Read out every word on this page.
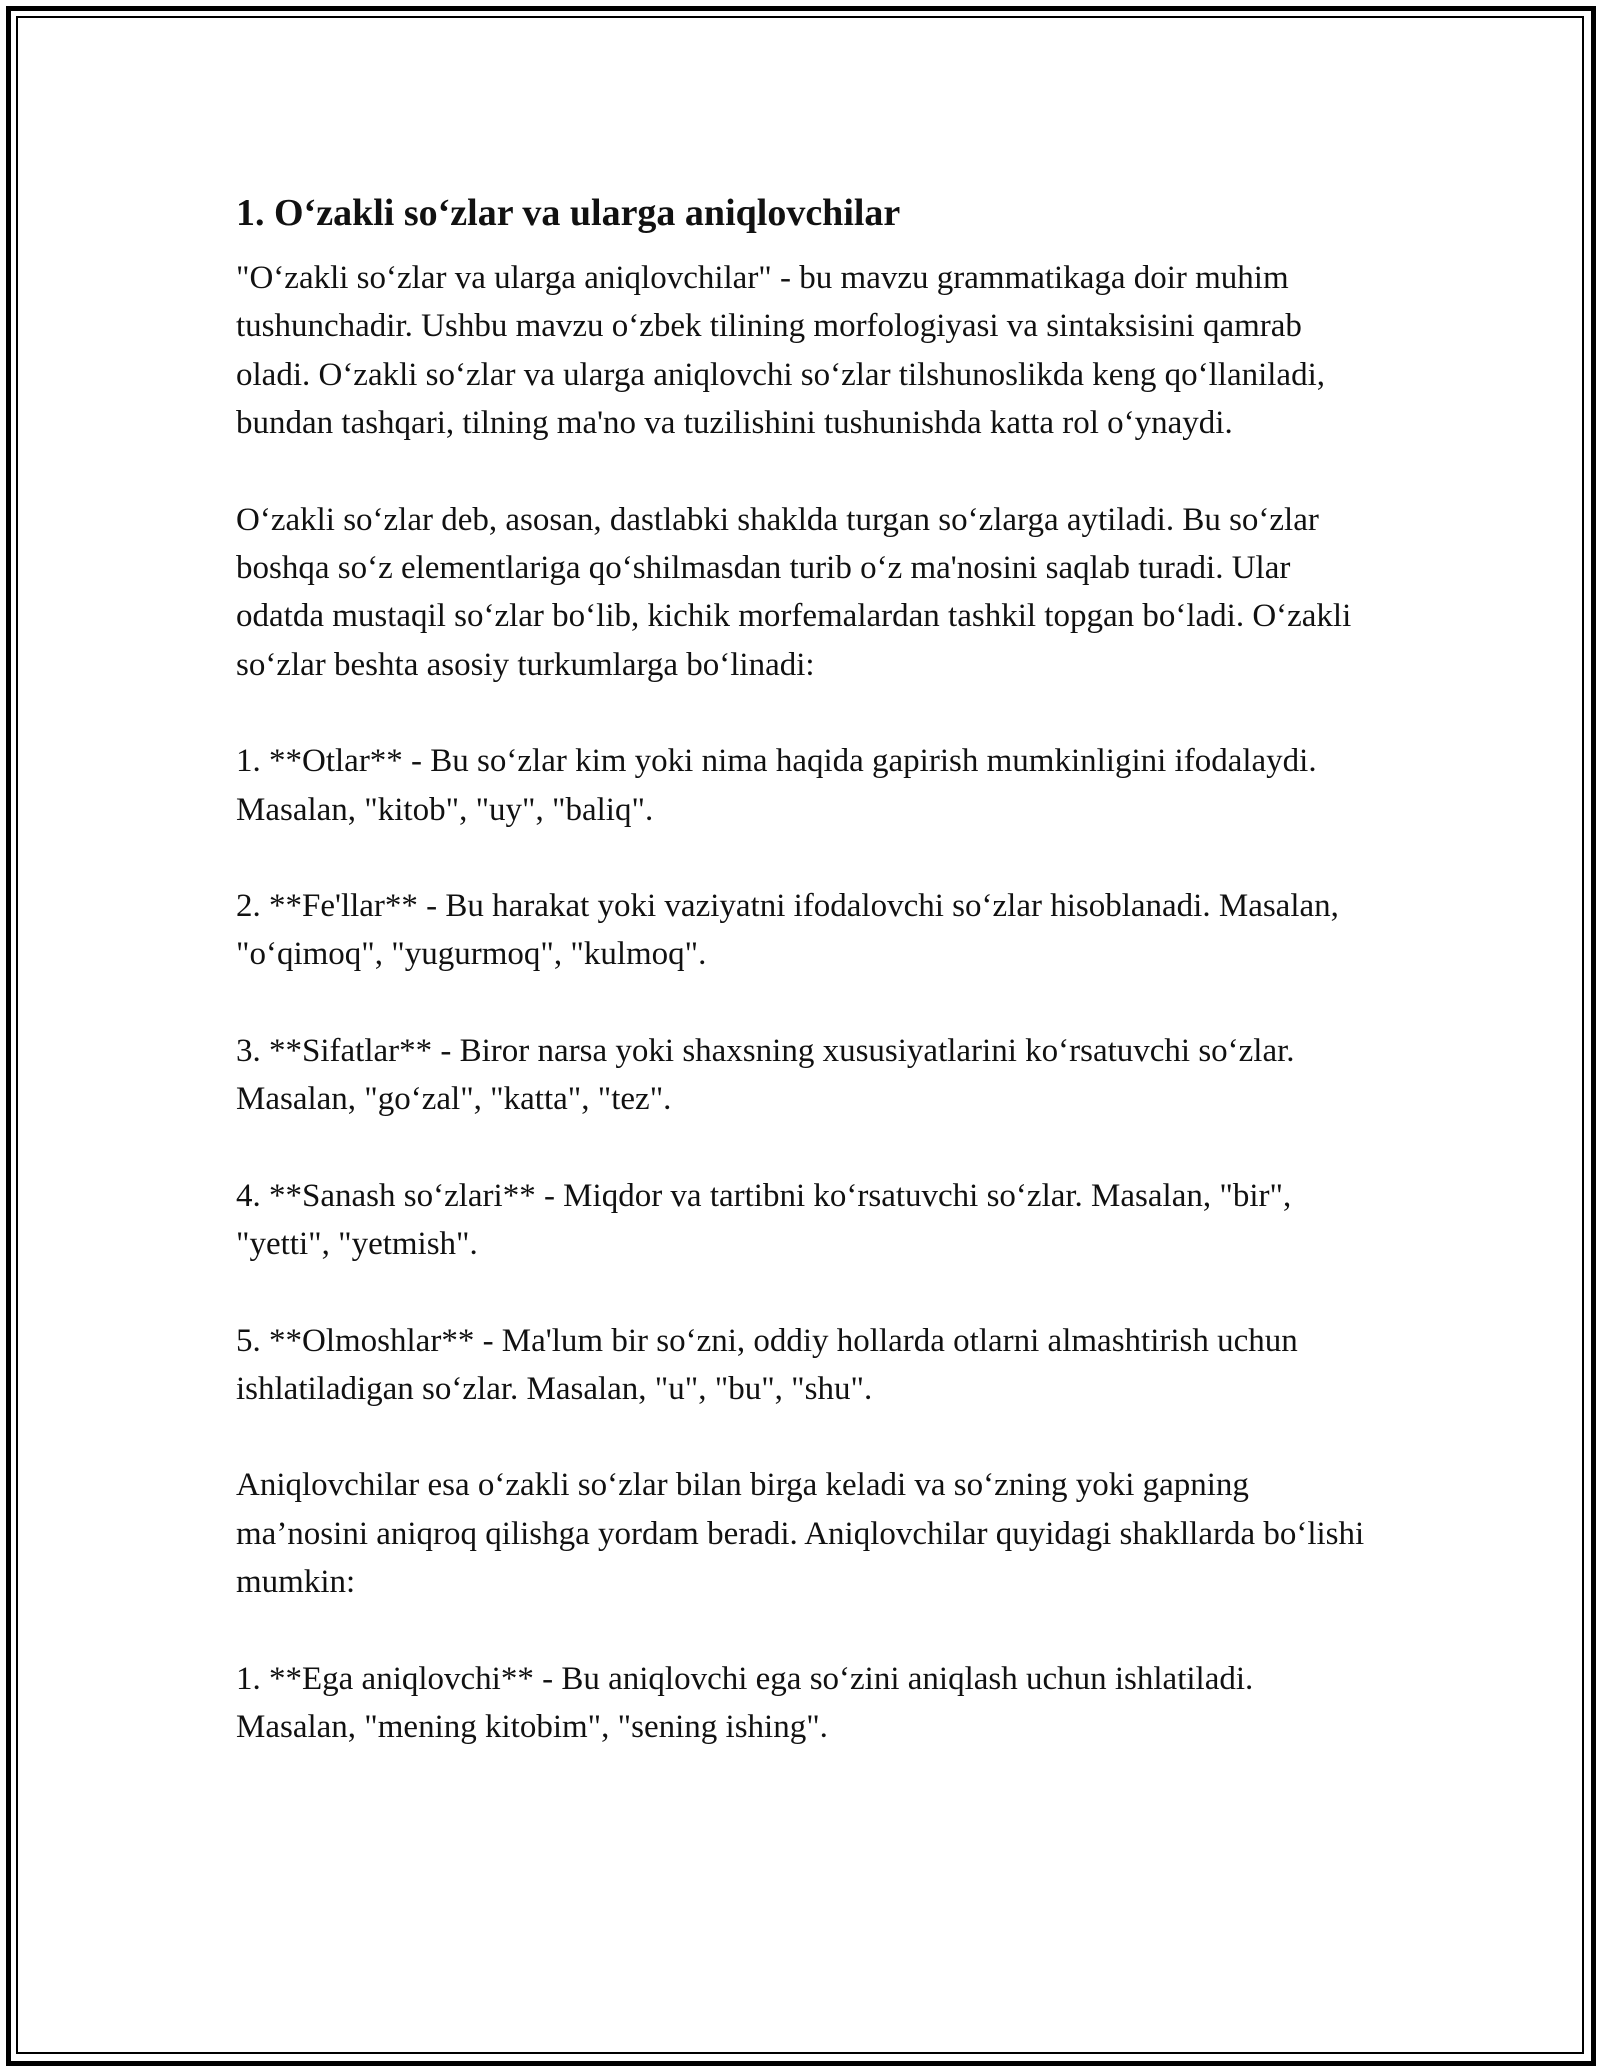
1. O‘zakli so‘zlar va ularga aniqlovchilar

"O‘zakli so‘zlar va ularga aniqlovchilar" - bu mavzu grammatikaga doir muhim tushunchadir. Ushbu mavzu o‘zbek tilining morfologiyasi va sintaksisini qamrab oladi. O‘zakli so‘zlar va ularga aniqlovchi so‘zlar tilshunoslikda keng qo‘llaniladi, bundan tashqari, tilning ma'no va tuzilishini tushunishda katta rol o‘ynaydi.

O‘zakli so‘zlar deb, asosan, dastlabki shaklda turgan so‘zlarga aytiladi. Bu so‘zlar boshqa so‘z elementlariga qo‘shilmasdan turib o‘z ma'nosini saqlab turadi. Ular odatda mustaqil so‘zlar bo‘lib, kichik morfemalardan tashkil topgan bo‘ladi. O‘zakli so‘zlar beshta asosiy turkumlarga bo‘linadi:

1. **Otlar** - Bu so‘zlar kim yoki nima haqida gapirish mumkinligini ifodalaydi. Masalan, "kitob", "uy", "baliq".

2. **Fe'llar** - Bu harakat yoki vaziyatni ifodalovchi so‘zlar hisoblanadi. Masalan, "o‘qimoq", "yugurmoq", "kulmoq".

3. **Sifatlar** - Biror narsa yoki shaxsning xususiyatlarini ko‘rsatuvchi so‘zlar. Masalan, "go‘zal", "katta", "tez".

4. **Sanash so‘zlari** - Miqdor va tartibni ko‘rsatuvchi so‘zlar. Masalan, "bir", "yetti", "yetmish".

5. **Olmoshlar** - Ma'lum bir so‘zni, oddiy hollarda otlarni almashtirish uchun ishlatiladigan so‘zlar. Masalan, "u", "bu", "shu".

Aniqlovchilar esa o‘zakli so‘zlar bilan birga keladi va so‘zning yoki gapning ma’nosini aniqroq qilishga yordam beradi. Aniqlovchilar quyidagi shakllarda bo‘lishi mumkin:

1. **Ega aniqlovchi** - Bu aniqlovchi ega so‘zini aniqlash uchun ishlatiladi. Masalan, "mening kitobim", "sening ishing".
